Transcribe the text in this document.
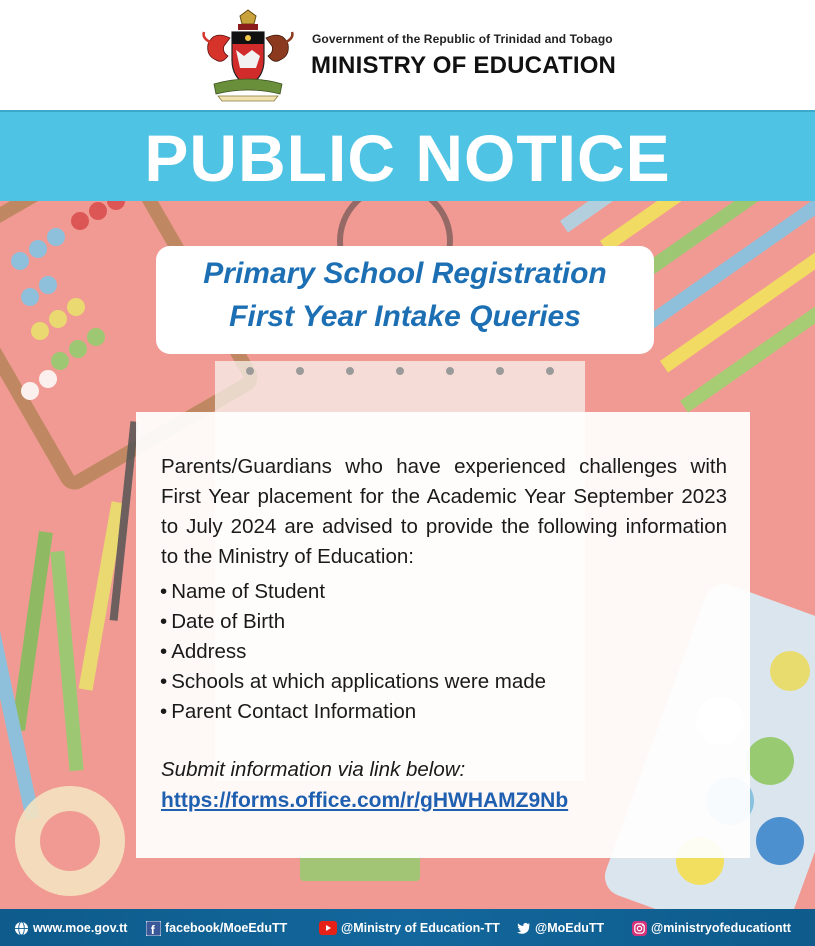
Government of the Republic of Trinidad and Tobago
MINISTRY OF EDUCATION
PUBLIC NOTICE
Primary School Registration
First Year Intake Queries

Parents/Guardians who have experienced challenges with First Year placement for the Academic Year September 2023 to July 2024 are advised to provide the following information to the Ministry of Education:

• Name of Student
• Date of Birth
• Address
• Schools at which applications were made
• Parent Contact Information
Submit information via link below:
https://forms.office.com/r/gHWHAMZ9Nb
www.moe.gov.tt f facebook/MoeEduTT	@Ministry of Education-TT	@MoEduTT	@ministryofeducationtt
